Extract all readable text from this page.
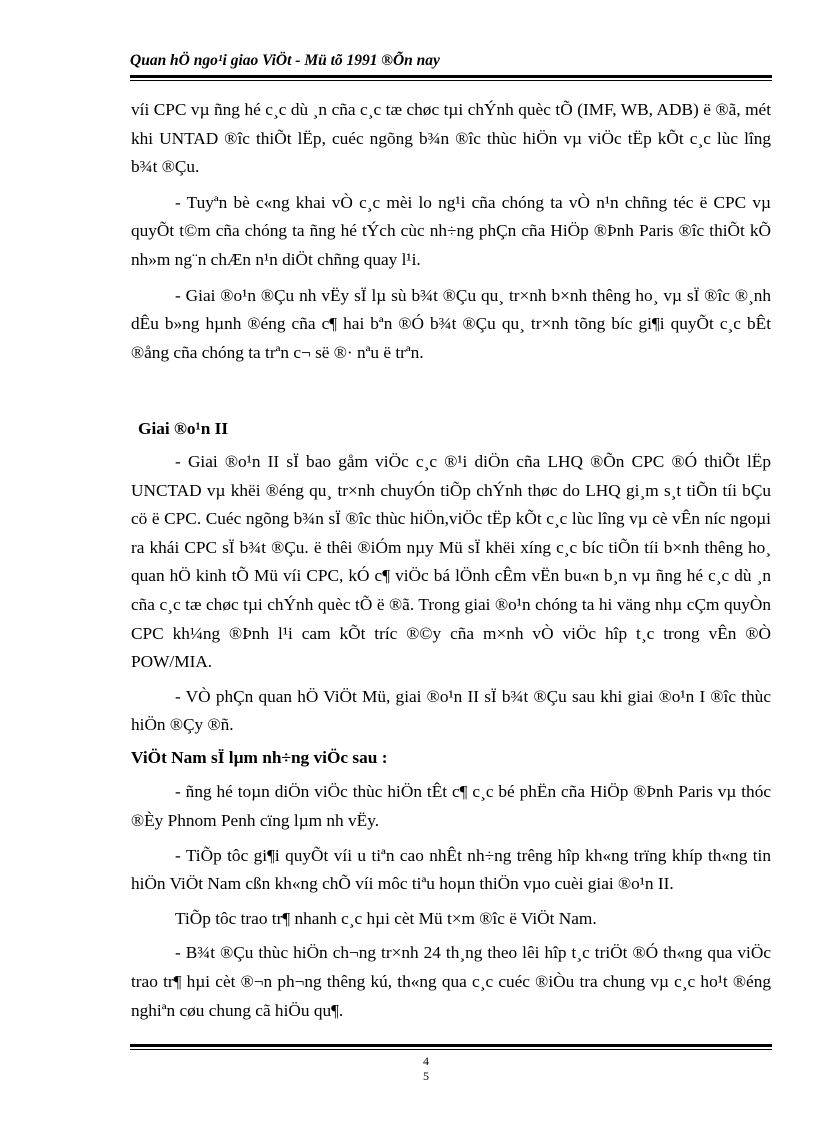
Quan hÖ ngo¹i giao ViÖt - Mü tõ 1991 ®Õn nay

víi CPC vµ ñng hé c¸c dù ¸n cña c¸c tæ chøc tµi chÝnh quèc tÕ (IMF, WB, ADB) ë ®ã, mét khi UNTAD ®îc thiÕt lËp, cuéc ngõng b¾n ®îc thùc hiÖn vµ viÖc tËp kÕt c¸c lùc lîng b¾t ®Çu.

- Tuyªn bè c«ng khai vÒ c¸c mèi lo ng¹i cña chóng ta vÒ n¹n chñng téc ë CPC vµ quyÕt t©m cña chóng ta ñng hé tÝch cùc nh÷ng phÇn cña HiÖp ®Þnh Paris ®îc thiÕt kÕ nh»m ng¨n chÆn n¹n diÖt chñng quay l¹i.

- Giai ®o¹n ®Çu nh vËy sÏ lµ sù b¾t ®Çu qu¸ tr×nh b×nh thêng ho¸ vµ sÏ ®îc ®¸nh dÊu b»ng hµnh ®éng cña c¶ hai bªn ®Ó b¾t ®Çu qu¸ tr×nh tõng bíc gi¶i quyÕt c¸c bÊt ®ång cña chóng ta trªn c¬ së ®· nªu ë trªn.

Giai ®o¹n II

- Giai ®o¹n II sÏ bao gåm viÖc c¸c ®¹i diÖn cña LHQ ®Õn CPC ®Ó thiÕt lËp UNCTAD vµ khëi ®éng qu¸ tr×nh chuyÓn tiÕp chÝnh thøc do LHQ gi¸m s¸t tiÕn tíi bÇu cö ë CPC. Cuéc ngõng b¾n sÏ ®îc thùc hiÖn,viÖc tËp kÕt c¸c lùc lîng vµ cè vÊn níc ngoµi ra khái CPC sÏ b¾t ®Çu. ë thêi ®iÓm nµy Mü sÏ khëi xíng c¸c bíc tiÕn tíi b×nh thêng ho¸ quan hÖ kinh tÕ Mü víi CPC, kÓ c¶ viÖc bá lÖnh cÊm vËn bu«n b¸n vµ ñng hé c¸c dù ¸n cña c¸c tæ chøc tµi chÝnh quèc tÕ ë ®ã. Trong giai ®o¹n chóng ta hi väng nhµ cÇm quyÒn CPC kh¼ng ®Þnh l¹i cam kÕt tríc ®©y cña m×nh vÒ viÖc hîp t¸c trong vÊn ®Ò POW/MIA.

- VÒ phÇn quan hÖ ViÖt Mü, giai ®o¹n II sÏ b¾t ®Çu sau khi giai ®o¹n I ®îc thùc hiÖn ®Çy ®ñ.

ViÖt Nam sÏ lµm nh÷ng viÖc sau :

- ñng hé toµn diÖn viÖc thùc hiÖn tÊt c¶ c¸c bé phËn cña HiÖp ®Þnh Paris vµ thóc ®Èy Phnom Penh cïng lµm nh vËy.

- TiÕp tôc gi¶i quyÕt víi u tiªn cao nhÊt nh÷ng trêng hîp kh«ng trïng khíp th«ng tin hiÖn ViÖt Nam cßn kh«ng chÕ víi môc tiªu hoµn thiÖn vµo cuèi giai ®o¹n II.

TiÕp tôc trao tr¶ nhanh c¸c hµi cèt Mü t×m ®îc ë ViÖt Nam.

- B¾t ®Çu thùc hiÖn ch¬ng tr×nh 24 th¸ng theo lêi hîp t¸c triÖt ®Ó th«ng qua viÖc trao tr¶ hµi cèt ®¬n ph¬ng thêng kú, th«ng qua c¸c cuéc ®iÒu tra chung vµ c¸c ho¹t ®éng nghiªn cøu chung cã hiÖu qu¶.

4
5
